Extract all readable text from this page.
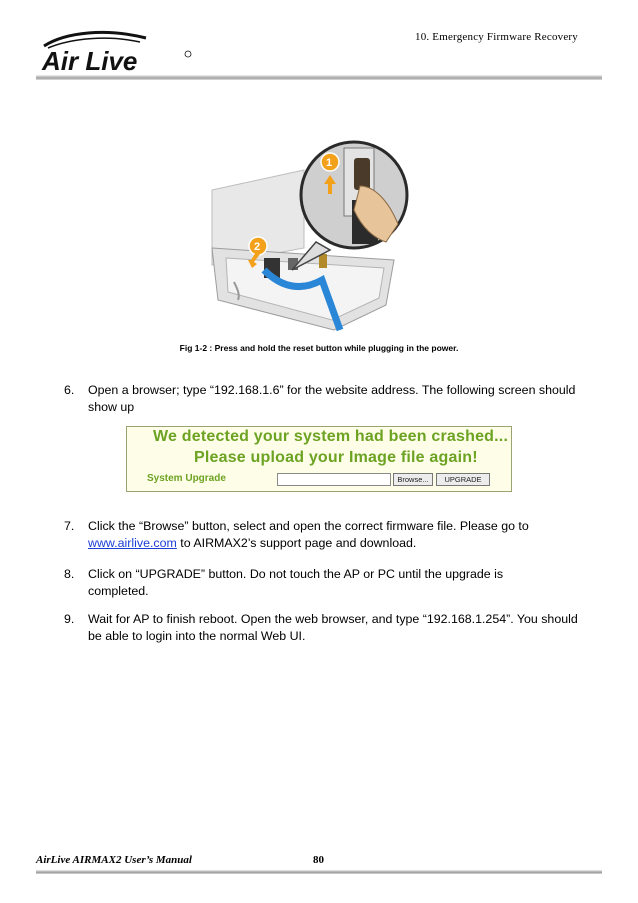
10. Emergency Firmware Recovery
Air Live
1
2
Fig 1-2 : Press and hold the reset button while plugging in the power.
6. Open a browser; type “192.168.1.6” for the website address. The following screen should show up
We detected your system had been crashed...
Please upload your Image file again!
System Upgrade	Browse...	UPGRADE
7. Click the “Browse” button, select and open the correct firmware file. Please go to www.airlive.com to AIRMAX2’s support page and download.
8. Click on “UPGRADE” button. Do not touch the AP or PC until the upgrade is completed.
9. Wait for AP to finish reboot. Open the web browser, and type “192.168.1.254”. You should be able to login into the normal Web UI.
AirLive AIRMAX2 User’s Manual	80
